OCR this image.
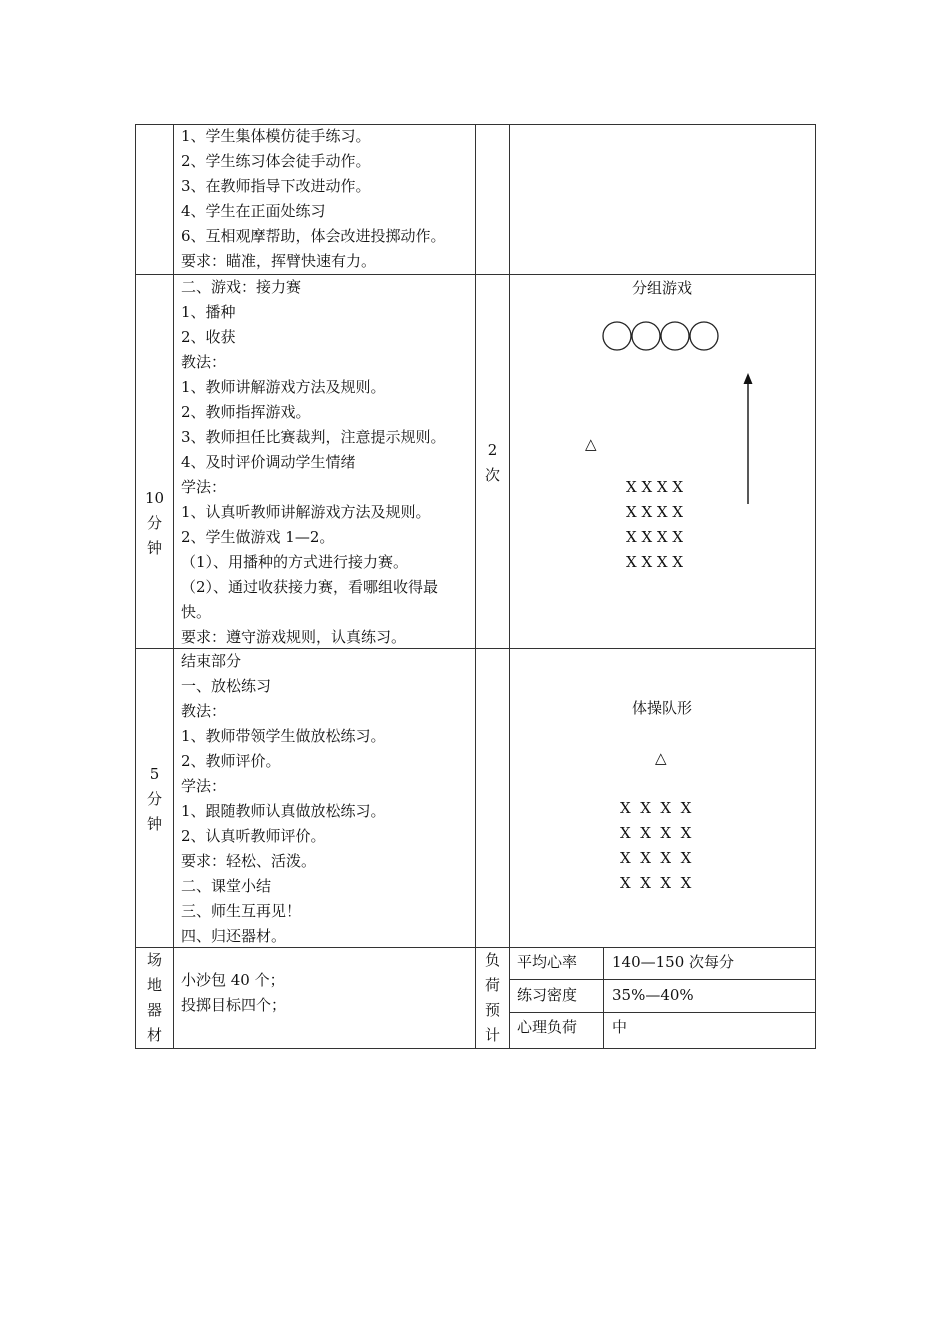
1、学生集体模仿徒手练习。
2、学生练习体会徒手动作。
3、在教师指导下改进动作。
4、学生在正面处练习
6、互相观摩帮助，体会改进投掷动作。
要求：瞄准，挥臂快速有力。
10
分
钟
二、游戏：接力赛
1、播种
2、收获
教法：
1、教师讲解游戏方法及规则。
2、教师指挥游戏。
3、教师担任比赛裁判，注意提示规则。
4、及时评价调动学生情绪
学法：
1、认真听教师讲解游戏方法及规则。
2、学生做游戏 1—2。
（1）、用播种的方式进行接力赛。
（2）、通过收获接力赛，看哪组收得最
快。
要求：遵守游戏规则，认真练习。
2
次
分组游戏
△
X X X X
X X X X
X X X X
X X X X
5
分
钟
结束部分
一、放松练习
教法：
1、教师带领学生做放松练习。
2、教师评价。
学法：
1、跟随教师认真做放松练习。
2、认真听教师评价。
要求：轻松、活泼。
二、课堂小结
三、师生互再见！
四、归还器材。
体操队形
△
X  X  X  X
X  X  X  X
X  X  X  X
X  X  X  X
场
地
器
材
小沙包 40 个；
投掷目标四个；
负
荷
预
计
平均心率 140—150 次每分
练习密度 35%—40%
心理负荷 中
